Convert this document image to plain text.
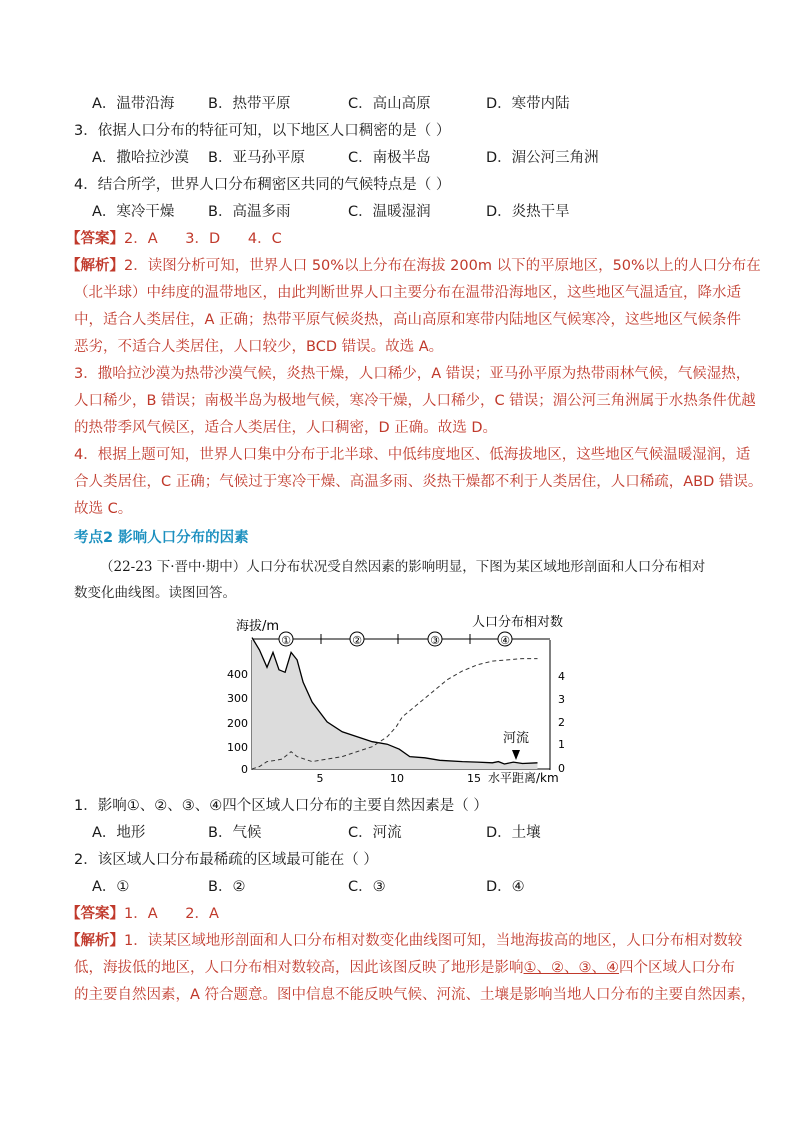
A．温带沿海 B．热带平原	C．高山高原	D．寒带内陆
3．依据人口分布的特征可知，以下地区人口稠密的是（ ）
A．撒哈拉沙漠 B．亚马孙平原	C．南极半岛	D．湄公河三角洲
4．结合所学，世界人口分布稠密区共同的气候特点是（ ）
A．寒冷干燥 B．高温多雨	C．温暖湿润	D．炎热干旱
【答案】2．A      3．D      4．C
【解析】2．读图分析可知，世界人口 50%以上分布在海拔 200m 以下的平原地区，50%以上的人口分布在
（北半球）中纬度的温带地区，由此判断世界人口主要分布在温带沿海地区，这些地区气温适宜，降水适
中，适合人类居住，A 正确；热带平原气候炎热，高山高原和寒带内陆地区气候寒冷，这些地区气候条件
恶劣，不适合人类居住，人口较少，BCD 错误。故选 A。
3．撒哈拉沙漠为热带沙漠气候，炎热干燥，人口稀少，A 错误；亚马孙平原为热带雨林气候，气候湿热，
人口稀少，B 错误；南极半岛为极地气候，寒冷干燥，人口稀少，C 错误；湄公河三角洲属于水热条件优越
的热带季风气候区，适合人类居住，人口稠密，D 正确。故选 D。
4．根据上题可知，世界人口集中分布于北半球、中低纬度地区、低海拔地区，这些地区气候温暖湿润，适
合人类居住，C 正确；气候过于寒冷干燥、高温多雨、炎热干燥都不利于人类居住，人口稀疏，ABD 错误。
故选 C。
考点2 影响人口分布的因素
（22-23 下·晋中·期中）人口分布状况受自然因素的影响明显，下图为某区域地形剖面和人口分布相对
数变化曲线图。读图回答。
海拔/m	人口分布相对数
水平距离/km
河流
①	②	③	④
400
300
200
100
0
4
3
2
1
0
5	10	15
1．影响①、②、③、④四个区域人口分布的主要自然因素是（ ）
A．地形	B．气候	C．河流	D．土壤
2．该区域人口分布最稀疏的区域最可能在（ ）
A．①	B．②	C．③	D．④
【答案】1．A      2．A
【解析】1．读某区域地形剖面和人口分布相对数变化曲线图可知，当地海拔高的地区，人口分布相对数较
低，海拔低的地区，人口分布相对数较高，因此该图反映了地形是影响①、②、③、④四个区域人口分布
的主要自然因素，A 符合题意。图中信息不能反映气候、河流、土壤是影响当地人口分布的主要自然因素，
